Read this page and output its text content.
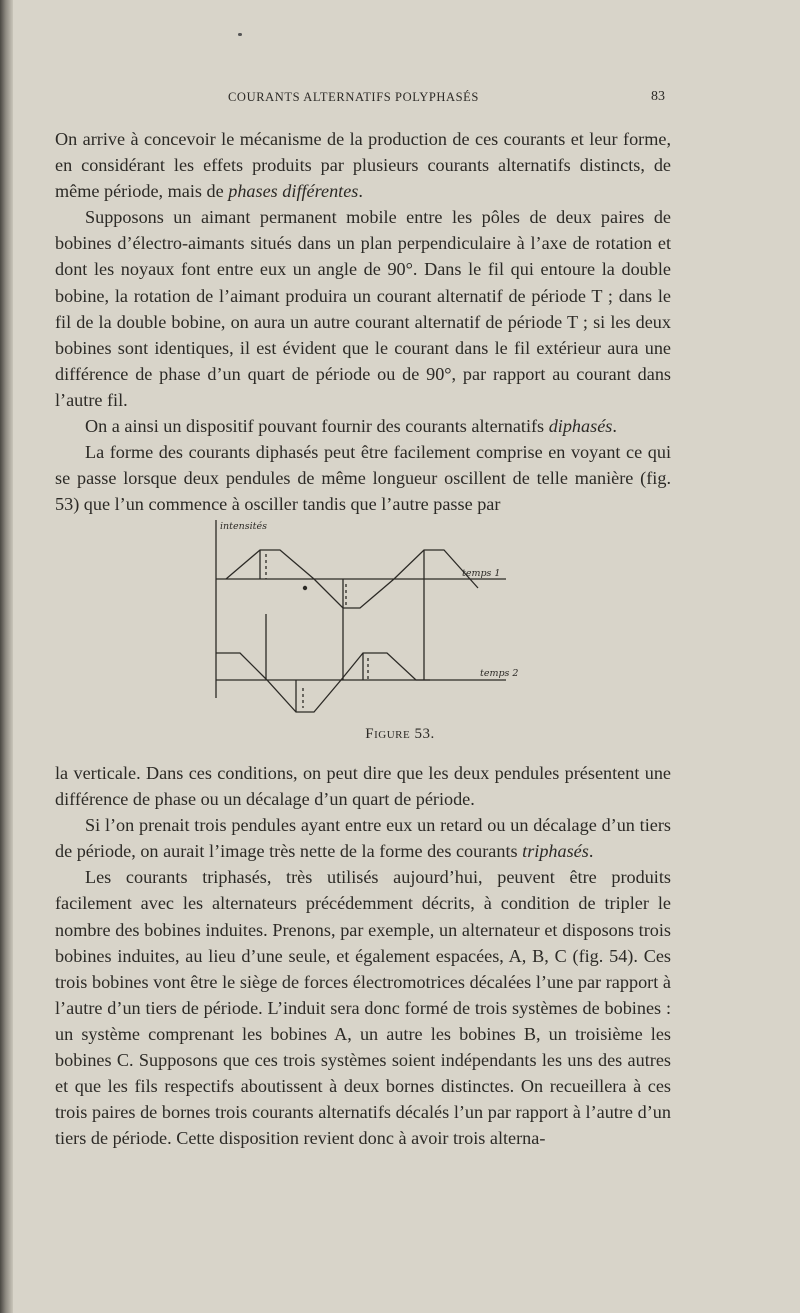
COURANTS ALTERNATIFS POLYPHASÉS	83

On arrive à concevoir le mécanisme de la production de ces courants et leur forme, en considérant les effets produits par plusieurs courants alternatifs distincts, de même période, mais de phases différentes.

Supposons un aimant permanent mobile entre les pôles de deux paires de bobines d’électro-aimants situés dans un plan perpendiculaire à l’axe de rotation et dont les noyaux font entre eux un angle de 90°. Dans le fil qui entoure la double bobine, la rotation de l’aimant produira un courant alternatif de période T ; dans le fil de la double bobine, on aura un autre courant alternatif de période T ; si les deux bobines sont identiques, il est évident que le courant dans le fil extérieur aura une différence de phase d’un quart de période ou de 90°, par rapport au courant dans l’autre fil.

On a ainsi un dispositif pouvant fournir des courants alternatifs diphasés.

La forme des courants diphasés peut être facilement comprise en voyant ce qui se passe lorsque deux pendules de même longueur oscillent de telle manière (fig. 53) que l’un commence à osciller tandis que l’autre passe par

intensités
temps 1
temps 2
Figure 53.

la verticale. Dans ces conditions, on peut dire que les deux pendules présentent une différence de phase ou un décalage d’un quart de période.

Si l’on prenait trois pendules ayant entre eux un retard ou un décalage d’un tiers de période, on aurait l’image très nette de la forme des courants triphasés.

Les courants triphasés, très utilisés aujourd’hui, peuvent être produits facilement avec les alternateurs précédemment décrits, à condition de tripler le nombre des bobines induites. Prenons, par exemple, un alternateur et disposons trois bobines induites, au lieu d’une seule, et également espacées, A, B, C (fig. 54). Ces trois bobines vont être le siège de forces électromotrices décalées l’une par rapport à l’autre d’un tiers de période. L’induit sera donc formé de trois systèmes de bobines : un système comprenant les bobines A, un autre les bobines B, un troisième les bobines C. Supposons que ces trois systèmes soient indépendants les uns des autres et que les fils respectifs aboutissent à deux bornes distinctes. On recueillera à ces trois paires de bornes trois courants alternatifs décalés l’un par rapport à l’autre d’un tiers de période. Cette disposition revient donc à avoir trois alterna-
